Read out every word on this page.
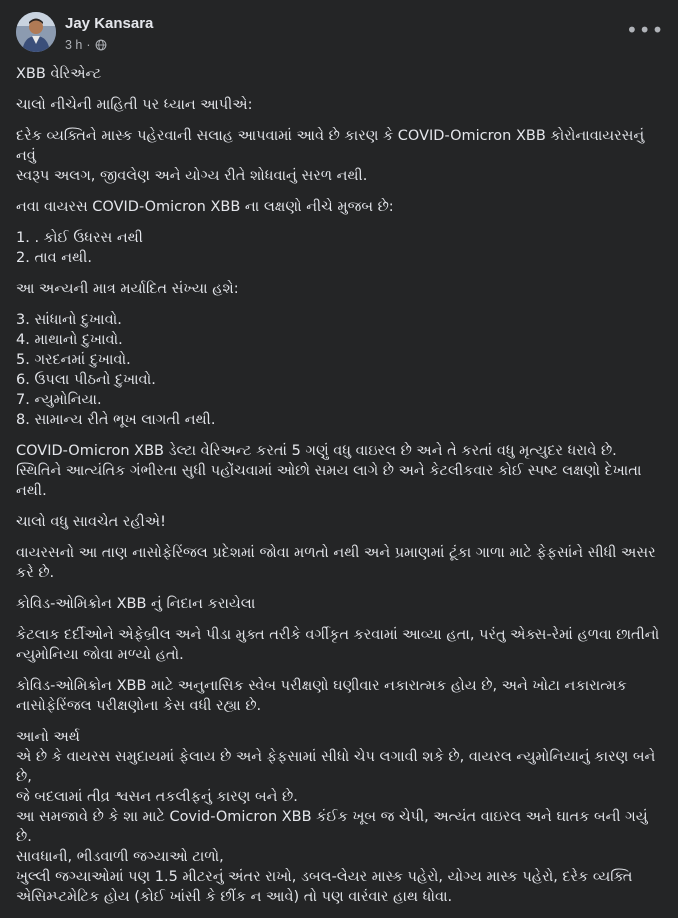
Jay Kansara
3 h ·
•••

XBB વેરિએન્ટ

ચાલો નીચેની માહિતી પર ધ્યાન આપીએ:

દરેક વ્યક્તિને માસ્ક પહેરવાની સલાહ આપવામાં આવે છે કારણ કે COVID-Omicron XBB કોરોનાવાયરસનું નવું
સ્વરૂપ અલગ, જીવલેણ અને યોગ્ય રીતે શોધવાનું સરળ નથી.

નવા વાયરસ COVID-Omicron XBB ના લક્ષણો નીચે મુજબ છે:

1. . કોઈ ઉધરસ નથી
2. તાવ નથી.

આ અન્યની માત્ર મર્યાદિત સંખ્યા હશે:

3. સાંધાનો દુખાવો.
4. માથાનો દુખાવો.
5. ગરદનમાં દુખાવો.
6. ઉપલા પીઠનો દુખાવો.
7. ન્યુમોનિયા.
8. સામાન્ય રીતે ભૂખ લાગતી નથી.

COVID-Omicron XBB ડેલ્ટા વેરિઅન્ટ કરતાં 5 ગણું વધુ વાઇરલ છે અને તે કરતાં વધુ મૃત્યુદર ધરાવે છે.
સ્થિતિને આત્યંતિક ગંભીરતા સુધી પહોંચવામાં ઓછો સમય લાગે છે અને કેટલીકવાર કોઈ સ્પષ્ટ લક્ષણો દેખાતા
નથી.

ચાલો વધુ સાવચેત રહીએ!

વાયરસનો આ તાણ નાસોફેરિંજલ પ્રદેશમાં જોવા મળતો નથી અને પ્રમાણમાં ટૂંકા ગાળા માટે ફેફસાંને સીધી અસર
કરે છે.

કોવિડ-ઓમિક્રોન XBB નું નિદાન કરાયેલા

કેટલાક દર્દીઓને એફેબ્રીલ અને પીડા મુક્ત તરીકે વર્ગીકૃત કરવામાં આવ્યા હતા, પરંતુ એક્સ-રેમાં હળવા છાતીનો
ન્યુમોનિયા જોવા મળ્યો હતો.

કોવિડ-ઓમિક્રોન XBB માટે અનુનાસિક સ્વેબ પરીક્ષણો ઘણીવાર નકારાત્મક હોય છે, અને ખોટા નકારાત્મક
નાસોફેરિંજલ પરીક્ષણોના કેસ વધી રહ્યા છે.

આનો અર્થ
એ છે કે વાયરસ સમુદાયમાં ફેલાય છે અને ફેફસામાં સીધો ચેપ લગાવી શકે છે, વાયરલ ન્યુમોનિયાનું કારણ બને છે,
જે બદલામાં તીવ્ર શ્વસન તકલીફનું કારણ બને છે.
આ સમજાવે છે કે શા માટે Covid-Omicron XBB કંઈક ખૂબ જ ચેપી, અત્યંત વાઇરલ અને ઘાતક બની ગયું છે.
સાવધાની, ભીડવાળી જગ્યાઓ ટાળો,
ખુલ્લી જગ્યાઓમાં પણ 1.5 મીટરનું અંતર રાખો, ડબલ-લેયર માસ્ક પહેરો, યોગ્ય માસ્ક પહેરો, દરેક વ્યક્તિ
એસિમ્પ્ટમેટિક હોય (કોઈ ખાંસી કે છીંક ન આવે) તો પણ વારંવાર હાથ ધોવા.
